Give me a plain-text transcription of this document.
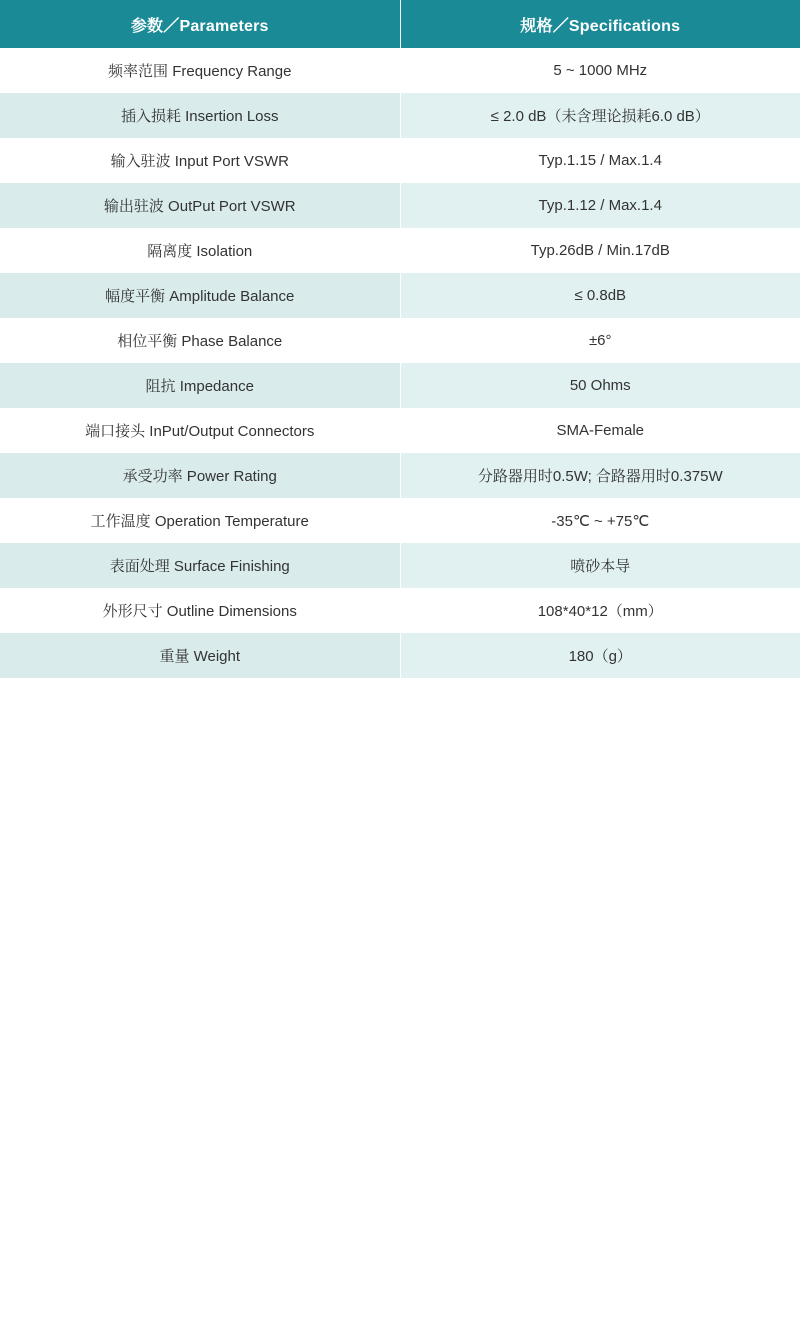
参数／Parameters	规格／Specifications
频率范围 Frequency Range	5 ~ 1000 MHz
插入损耗 Insertion Loss	≤ 2.0 dB（未含理论损耗6.0 dB）
输入驻波 Input Port VSWR	Typ.1.15 / Max.1.4
输出驻波 OutPut Port VSWR	Typ.1.12 / Max.1.4
隔离度 Isolation	Typ.26dB / Min.17dB
幅度平衡 Amplitude Balance	≤ 0.8dB
相位平衡 Phase Balance	±6°
阻抗 Impedance	50 Ohms
端口接头 InPut/Output Connectors	SMA-Female
承受功率 Power Rating	分路器用时0.5W; 合路器用时0.375W
工作温度 Operation Temperature	-35℃ ~ +75℃
表面处理 Surface Finishing	喷砂本导
外形尺寸 Outline Dimensions	108*40*12（mm）
重量 Weight	180（g）
